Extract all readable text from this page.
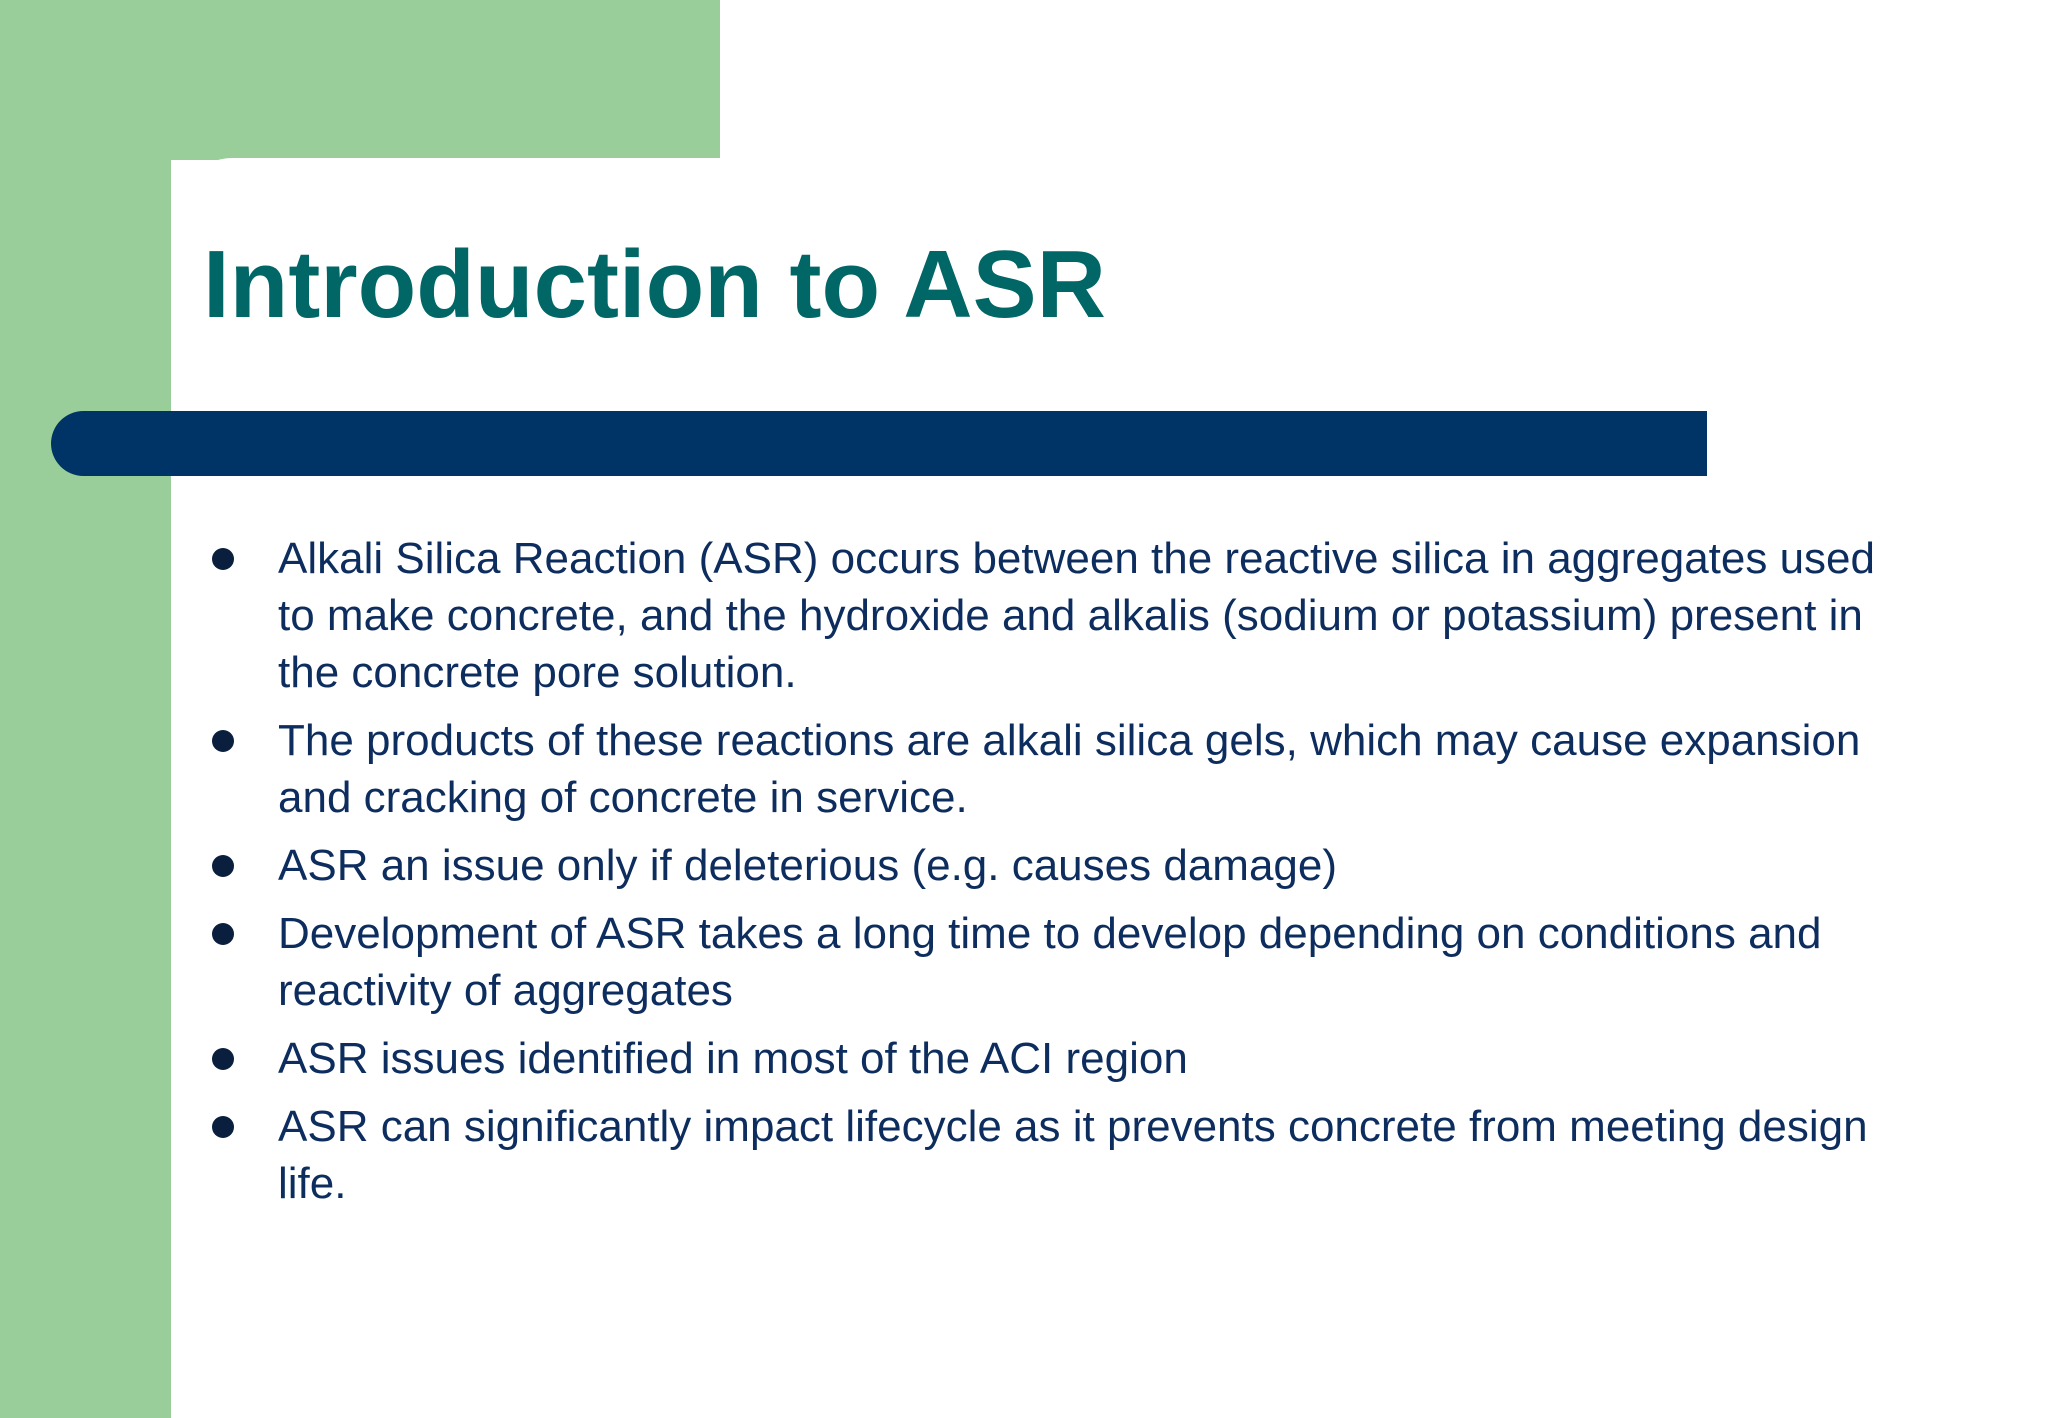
Introduction to ASR
Alkali Silica Reaction (ASR) occurs between the reactive silica in aggregates used to make concrete, and the hydroxide and alkalis (sodium or potassium) present in the concrete pore solution.
The products of these reactions are alkali silica gels, which may cause expansion and cracking of concrete in service.
ASR an issue only if deleterious (e.g. causes damage)
Development of ASR takes a long time to develop depending on conditions and reactivity of aggregates
ASR issues identified in most of the ACI region
ASR can significantly impact lifecycle as it prevents concrete from meeting design life.
